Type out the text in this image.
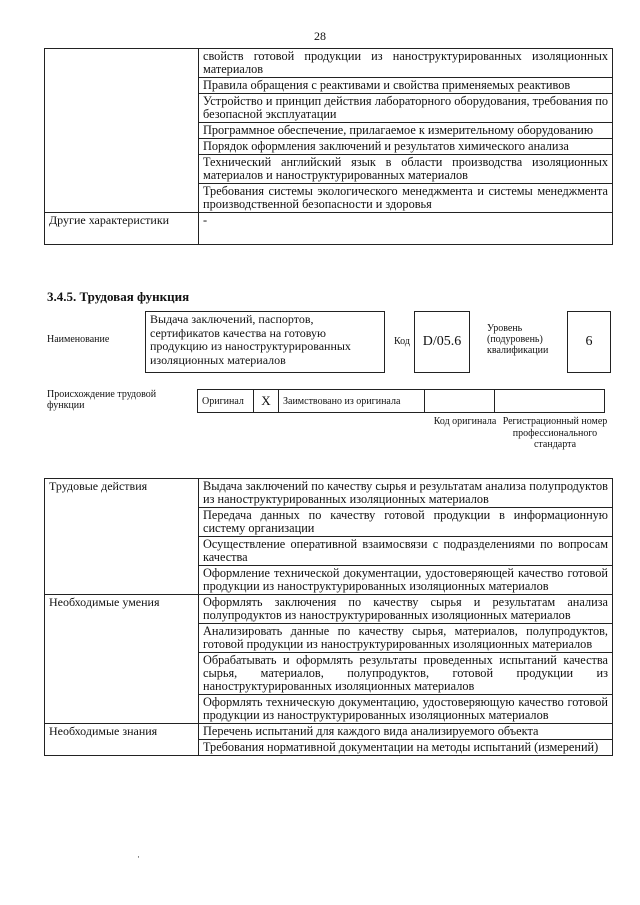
28
	свойств готовой продукции из наноструктурированных изоляционных материалов
	Правила обращения с реактивами и свойства применяемых реактивов
	Устройство и принцип действия лабораторного оборудования, требования по безопасной эксплуатации
	Программное обеспечение, прилагаемое к измерительному оборудованию
	Порядок оформления заключений и результатов химического анализа
	Технический английский язык в области производства изоляционных материалов и наноструктурированных материалов
	Требования системы экологического менеджмента и системы менеджмента производственной безопасности и здоровья
Другие характеристики	-
3.4.5. Трудовая функция
Наименование
Выдача заключений, паспортов, сертификатов качества на готовую продукцию из наноструктурированных изоляционных материалов
Код D/05.6
Уровень (подуровень) квалификации
6
Происхождение трудовой функции	Оригинал	X	Заимствовано из оригинала		
Код оригинала Регистрационный номер профессионального стандарта
Трудовые действия	Выдача заключений по качеству сырья и результатам анализа полупродуктов из наноструктурированных изоляционных материалов
	Передача данных по качеству готовой продукции в информационную систему организации
	Осуществление оперативной взаимосвязи с подразделениями по вопросам качества
	Оформление технической документации, удостоверяющей качество готовой продукции из наноструктурированных изоляционных материалов
Необходимые умения	Оформлять заключения по качеству сырья и результатам анализа полупродуктов из наноструктурированных изоляционных материалов
	Анализировать данные по качеству сырья, материалов, полупродуктов, готовой продукции из наноструктурированных изоляционных материалов
	Обрабатывать и оформлять результаты проведенных испытаний качества сырья, материалов, полупродуктов, готовой продукции из наноструктурированных изоляционных материалов
	Оформлять техническую документацию, удостоверяющую качество готовой продукции из наноструктурированных изоляционных материалов
Необходимые знания	Перечень испытаний для каждого вида анализируемого объекта
	Требования нормативной документации на методы испытаний (измерений)
·
